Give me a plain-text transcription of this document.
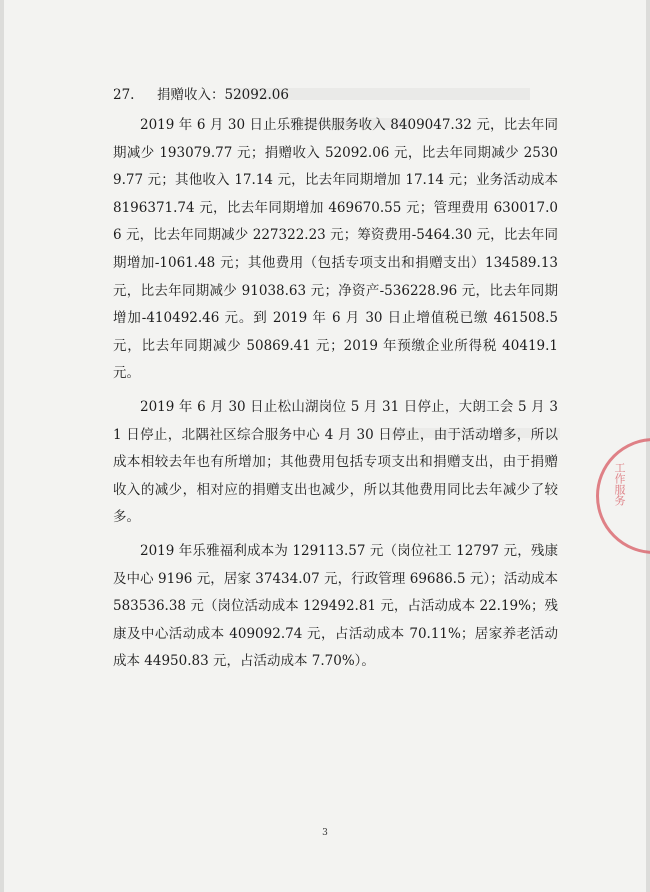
27. 捐赠收入：52092.06

2019 年 6 月 30 日止乐雅提供服务收入 8409047.32 元，比去年同期减少 193079.77 元；捐赠收入 52092.06 元，比去年同期减少 25309.77 元；其他收入 17.14 元，比去年同期增加 17.14 元；业务活动成本 8196371.74 元，比去年同期增加 469670.55 元；管理费用 630017.06 元，比去年同期减少 227322.23 元；筹资费用-5464.30 元，比去年同期增加-1061.48 元；其他费用（包括专项支出和捐赠支出）134589.13 元，比去年同期减少 91038.63 元；净资产-536228.96 元，比去年同期增加-410492.46 元。到 2019 年 6 月 30 日止增值税已缴 461508.5 元，比去年同期减少 50869.41 元；2019 年预缴企业所得税 40419.1 元。

2019 年 6 月 30 日止松山湖岗位 5 月 31 日停止，大朗工会 5 月 31 日停止，北隅社区综合服务中心 4 月 30 日停止，由于活动增多，所以成本相较去年也有所增加；其他费用包括专项支出和捐赠支出，由于捐赠收入的减少，相对应的捐赠支出也减少，所以其他费用同比去年减少了较多。

2019 年乐雅福利成本为 129113.57 元（岗位社工 12797 元，残康及中心 9196 元，居家 37434.07 元，行政管理 69686.5 元）；活动成本 583536.38 元（岗位活动成本 129492.81 元，占活动成本 22.19%；残康及中心活动成本 409092.74 元，占活动成本 70.11%；居家养老活动成本 44950.83 元，占活动成本 7.70%）。

工作服务
3
